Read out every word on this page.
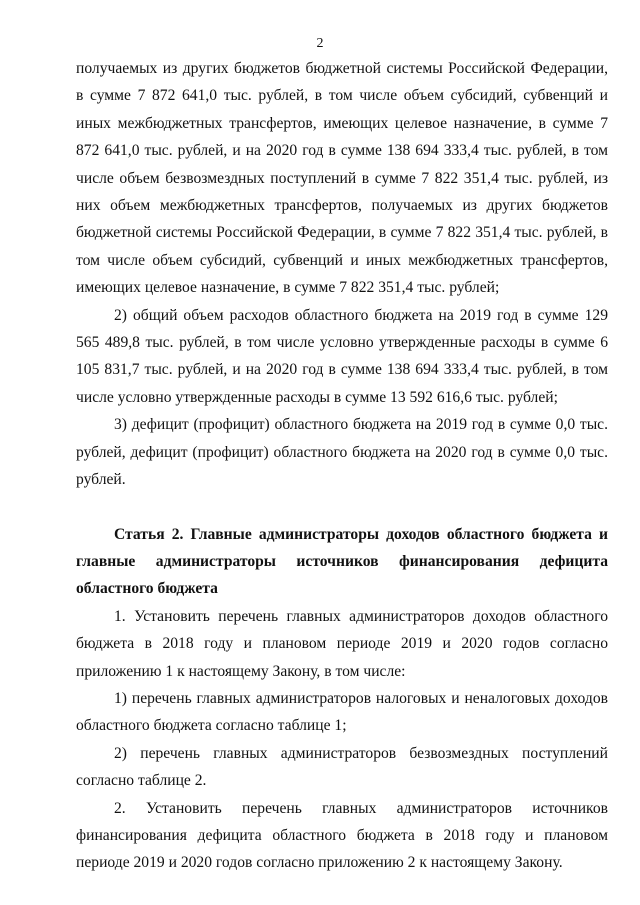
2

получаемых из других бюджетов бюджетной системы Российской Федерации, в сумме 7 872 641,0 тыс. рублей, в том числе объем субсидий, субвенций и иных межбюджетных трансфертов, имеющих целевое назначение, в сумме 7 872 641,0 тыс. рублей, и на 2020 год в сумме 138 694 333,4 тыс. рублей, в том числе объем безвозмездных поступлений в сумме 7 822 351,4 тыс. рублей, из них объем межбюджетных трансфертов, получаемых из других бюджетов бюджетной системы Российской Федерации, в сумме 7 822 351,4 тыс. рублей, в том числе объем субсидий, субвенций и иных межбюджетных трансфертов, имеющих целевое назначение, в сумме 7 822 351,4 тыс. рублей;

2) общий объем расходов областного бюджета на 2019 год в сумме 129 565 489,8 тыс. рублей, в том числе условно утвержденные расходы в сумме 6 105 831,7 тыс. рублей, и на 2020 год в сумме 138 694 333,4 тыс. рублей, в том числе условно утвержденные расходы в сумме 13 592 616,6 тыс. рублей;

3) дефицит (профицит) областного бюджета на 2019 год в сумме 0,0 тыс. рублей, дефицит (профицит) областного бюджета на 2020 год в сумме 0,0 тыс. рублей.

Статья 2. Главные администраторы доходов областного бюджета и главные администраторы источников финансирования дефицита областного бюджета

1. Установить перечень главных администраторов доходов областного бюджета в 2018 году и плановом периоде 2019 и 2020 годов согласно приложению 1 к настоящему Закону, в том числе:

1) перечень главных администраторов налоговых и неналоговых доходов областного бюджета согласно таблице 1;

2) перечень главных администраторов безвозмездных поступлений согласно таблице 2.

2. Установить перечень главных администраторов источников финансирования дефицита областного бюджета в 2018 году и плановом периоде 2019 и 2020 годов согласно приложению 2 к настоящему Закону.
